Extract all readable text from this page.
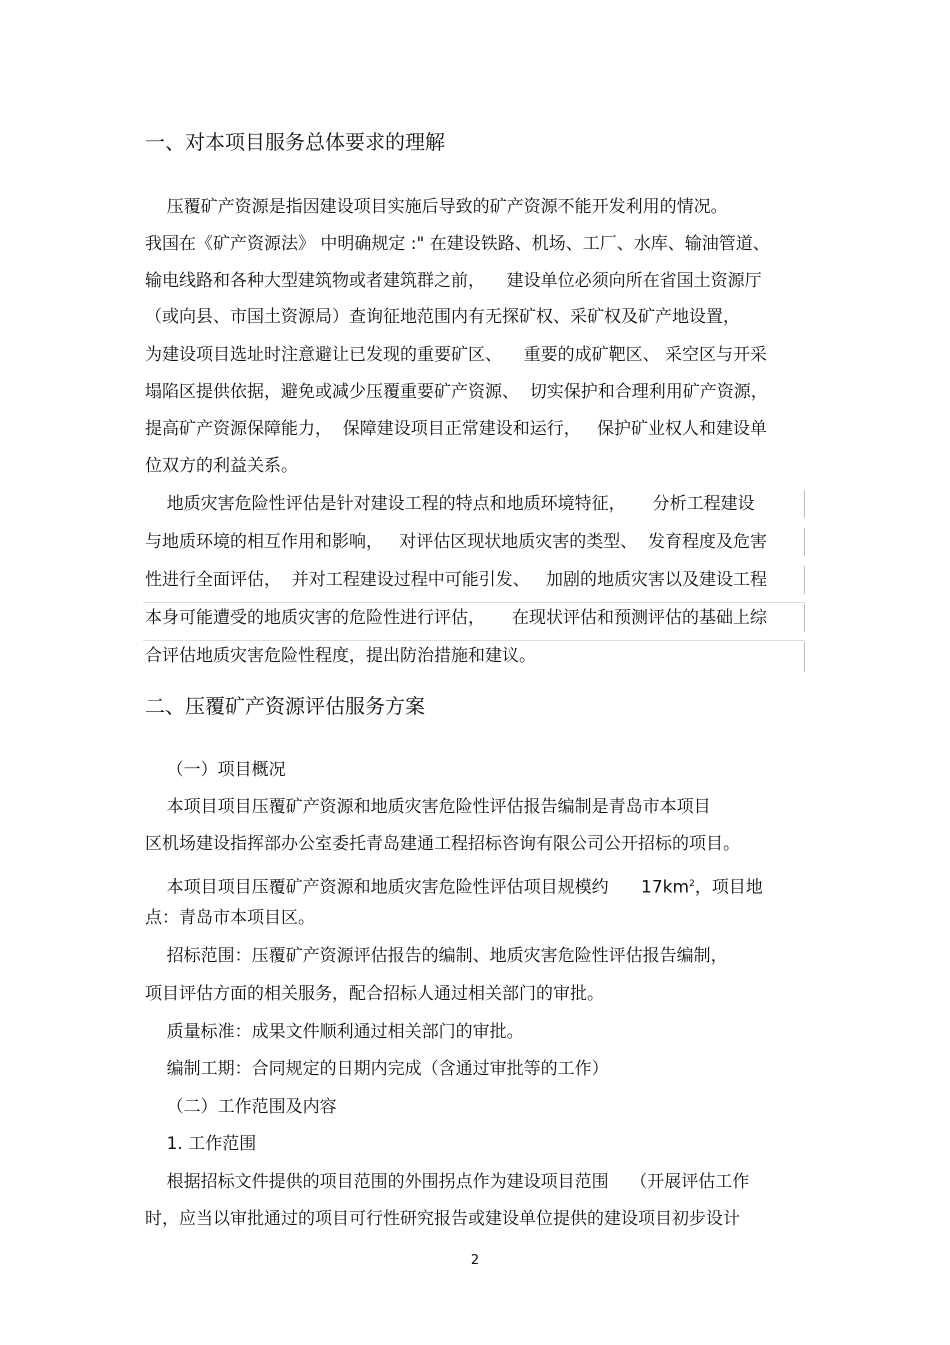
一、对本项目服务总体要求的理解
压覆矿产资源是指因建设项目实施后导致的矿产资源不能开发利用的情况。
我国在《矿产资源法》 中明确规定 :" 在建设铁路、机场、工厂、水库、输油管道、
输电线路和各种大型建筑物或者建筑群之前，    建设单位必须向所在省国土资源厅
（或向县、市国土资源局）查询征地范围内有无探矿权、采矿权及矿产地设置，
为建设项目选址时注意避让已发现的重要矿区、    重要的成矿靶区、 采空区与开采
塌陷区提供依据，避免或减少压覆重要矿产资源、  切实保护和合理利用矿产资源，
提高矿产资源保障能力，  保障建设项目正常建设和运行，   保护矿业权人和建设单
位双方的利益关系。
地质灾害危险性评估是针对建设工程的特点和地质环境特征，     分析工程建设
与地质环境的相互作用和影响，   对评估区现状地质灾害的类型、  发育程度及危害
性进行全面评估，  并对工程建设过程中可能引发、   加剧的地质灾害以及建设工程
本身可能遭受的地质灾害的危险性进行评估，     在现状评估和预测评估的基础上综
合评估地质灾害危险性程度，提出防治措施和建议。
二、压覆矿产资源评估服务方案
（一）项目概况
本项目项目压覆矿产资源和地质灾害危险性评估报告编制是青岛市本项目
区机场建设指挥部办公室委托青岛建通工程招标咨询有限公司公开招标的项目。
本项目项目压覆矿产资源和地质灾害危险性评估项目规模约      $17km^2$，项目地
点：青岛市本项目区。
招标范围：压覆矿产资源评估报告的编制、地质灾害危险性评估报告编制，
项目评估方面的相关服务，配合招标人通过相关部门的审批。
质量标准：成果文件顺利通过相关部门的审批。
编制工期：合同规定的日期内完成（含通过审批等的工作）
（二）工作范围及内容
1. 工作范围
根据招标文件提供的项目范围的外围拐点作为建设项目范围    （开展评估工作
时，应当以审批通过的项目可行性研究报告或建设单位提供的建设项目初步设计
2
